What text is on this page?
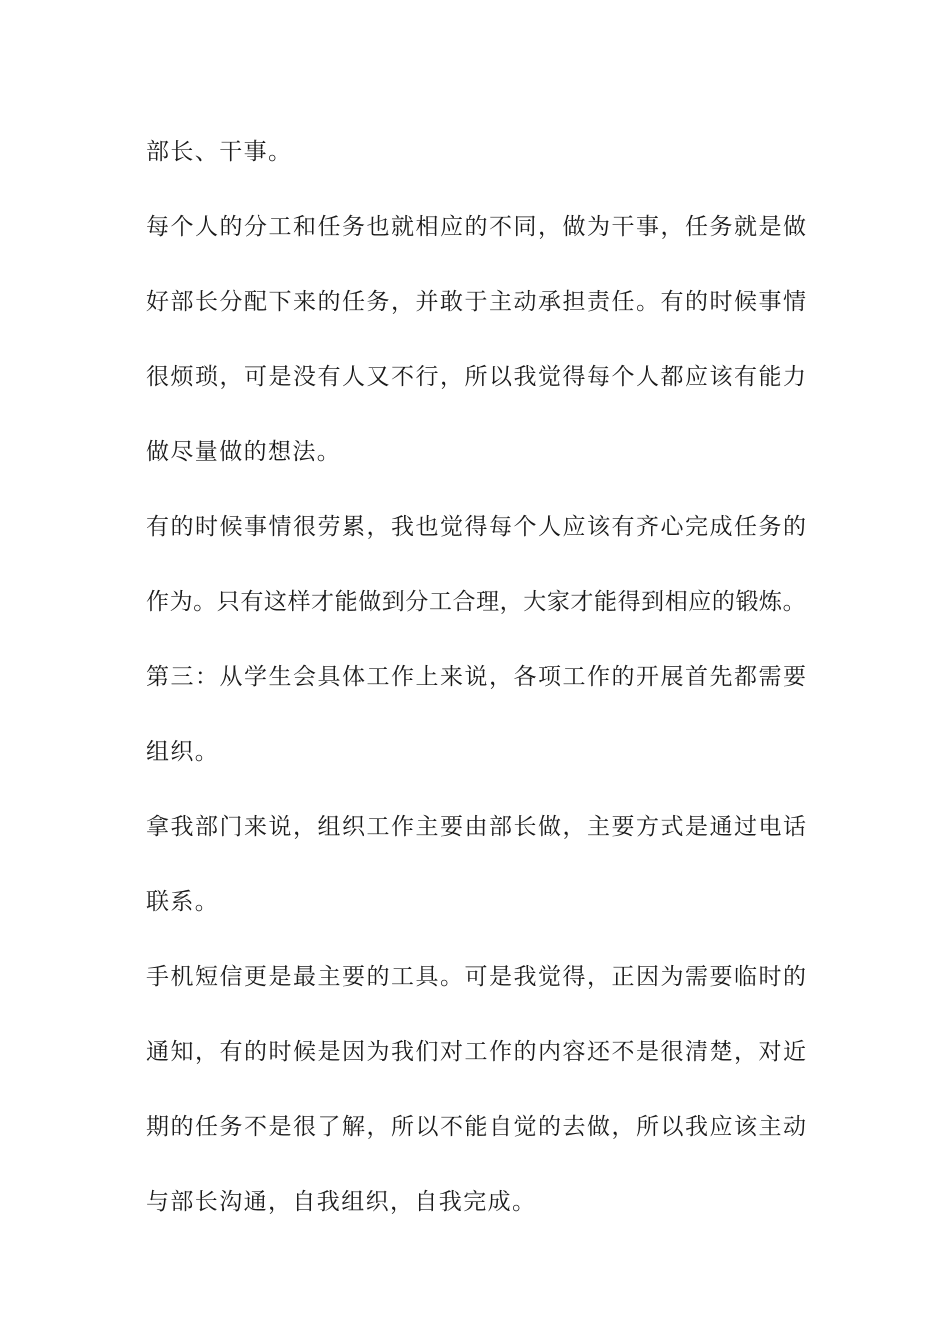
部长、干事。
每 个 人 的 分 工 和 任 务 也 就 相 应 的 不 同 ， 做 为 干 事 ， 任 务 就 是 做
好 部 长 分 配 下 来 的 任 务 ， 并 敢 于 主 动 承 担 责 任 。 有 的 时 候 事 情
很 烦 琐 ， 可 是 没 有 人 又 不 行 ， 所 以 我 觉 得 每 个 人 都 应 该 有 能 力
做尽量做的想法。
有 的 时 候 事 情 很 劳 累 ， 我 也 觉 得 每 个 人 应 该 有 齐 心 完 成 任 务 的
作 为 。 只 有 这 样 才 能 做 到 分 工 合 理 ， 大 家 才 能 得 到 相 应 的 锻 炼 。
第 三 ： 从 学 生 会 具 体 工 作 上 来 说 ， 各 项 工 作 的 开 展 首 先 都 需 要
组织。
拿 我 部 门 来 说 ， 组 织 工 作 主 要 由 部 长 做 ， 主 要 方 式 是 通 过 电 话
联系。
手 机 短 信 更 是 最 主 要 的 工 具 。 可 是 我 觉 得 ， 正 因 为 需 要 临 时 的
通 知 ， 有 的 时 候 是 因 为 我 们 对 工 作 的 内 容 还 不 是 很 清 楚 ， 对 近
期 的 任 务 不 是 很 了 解 ， 所 以 不 能 自 觉 的 去 做 ， 所 以 我 应 该 主 动
与部长沟通，自我组织，自我完成。
